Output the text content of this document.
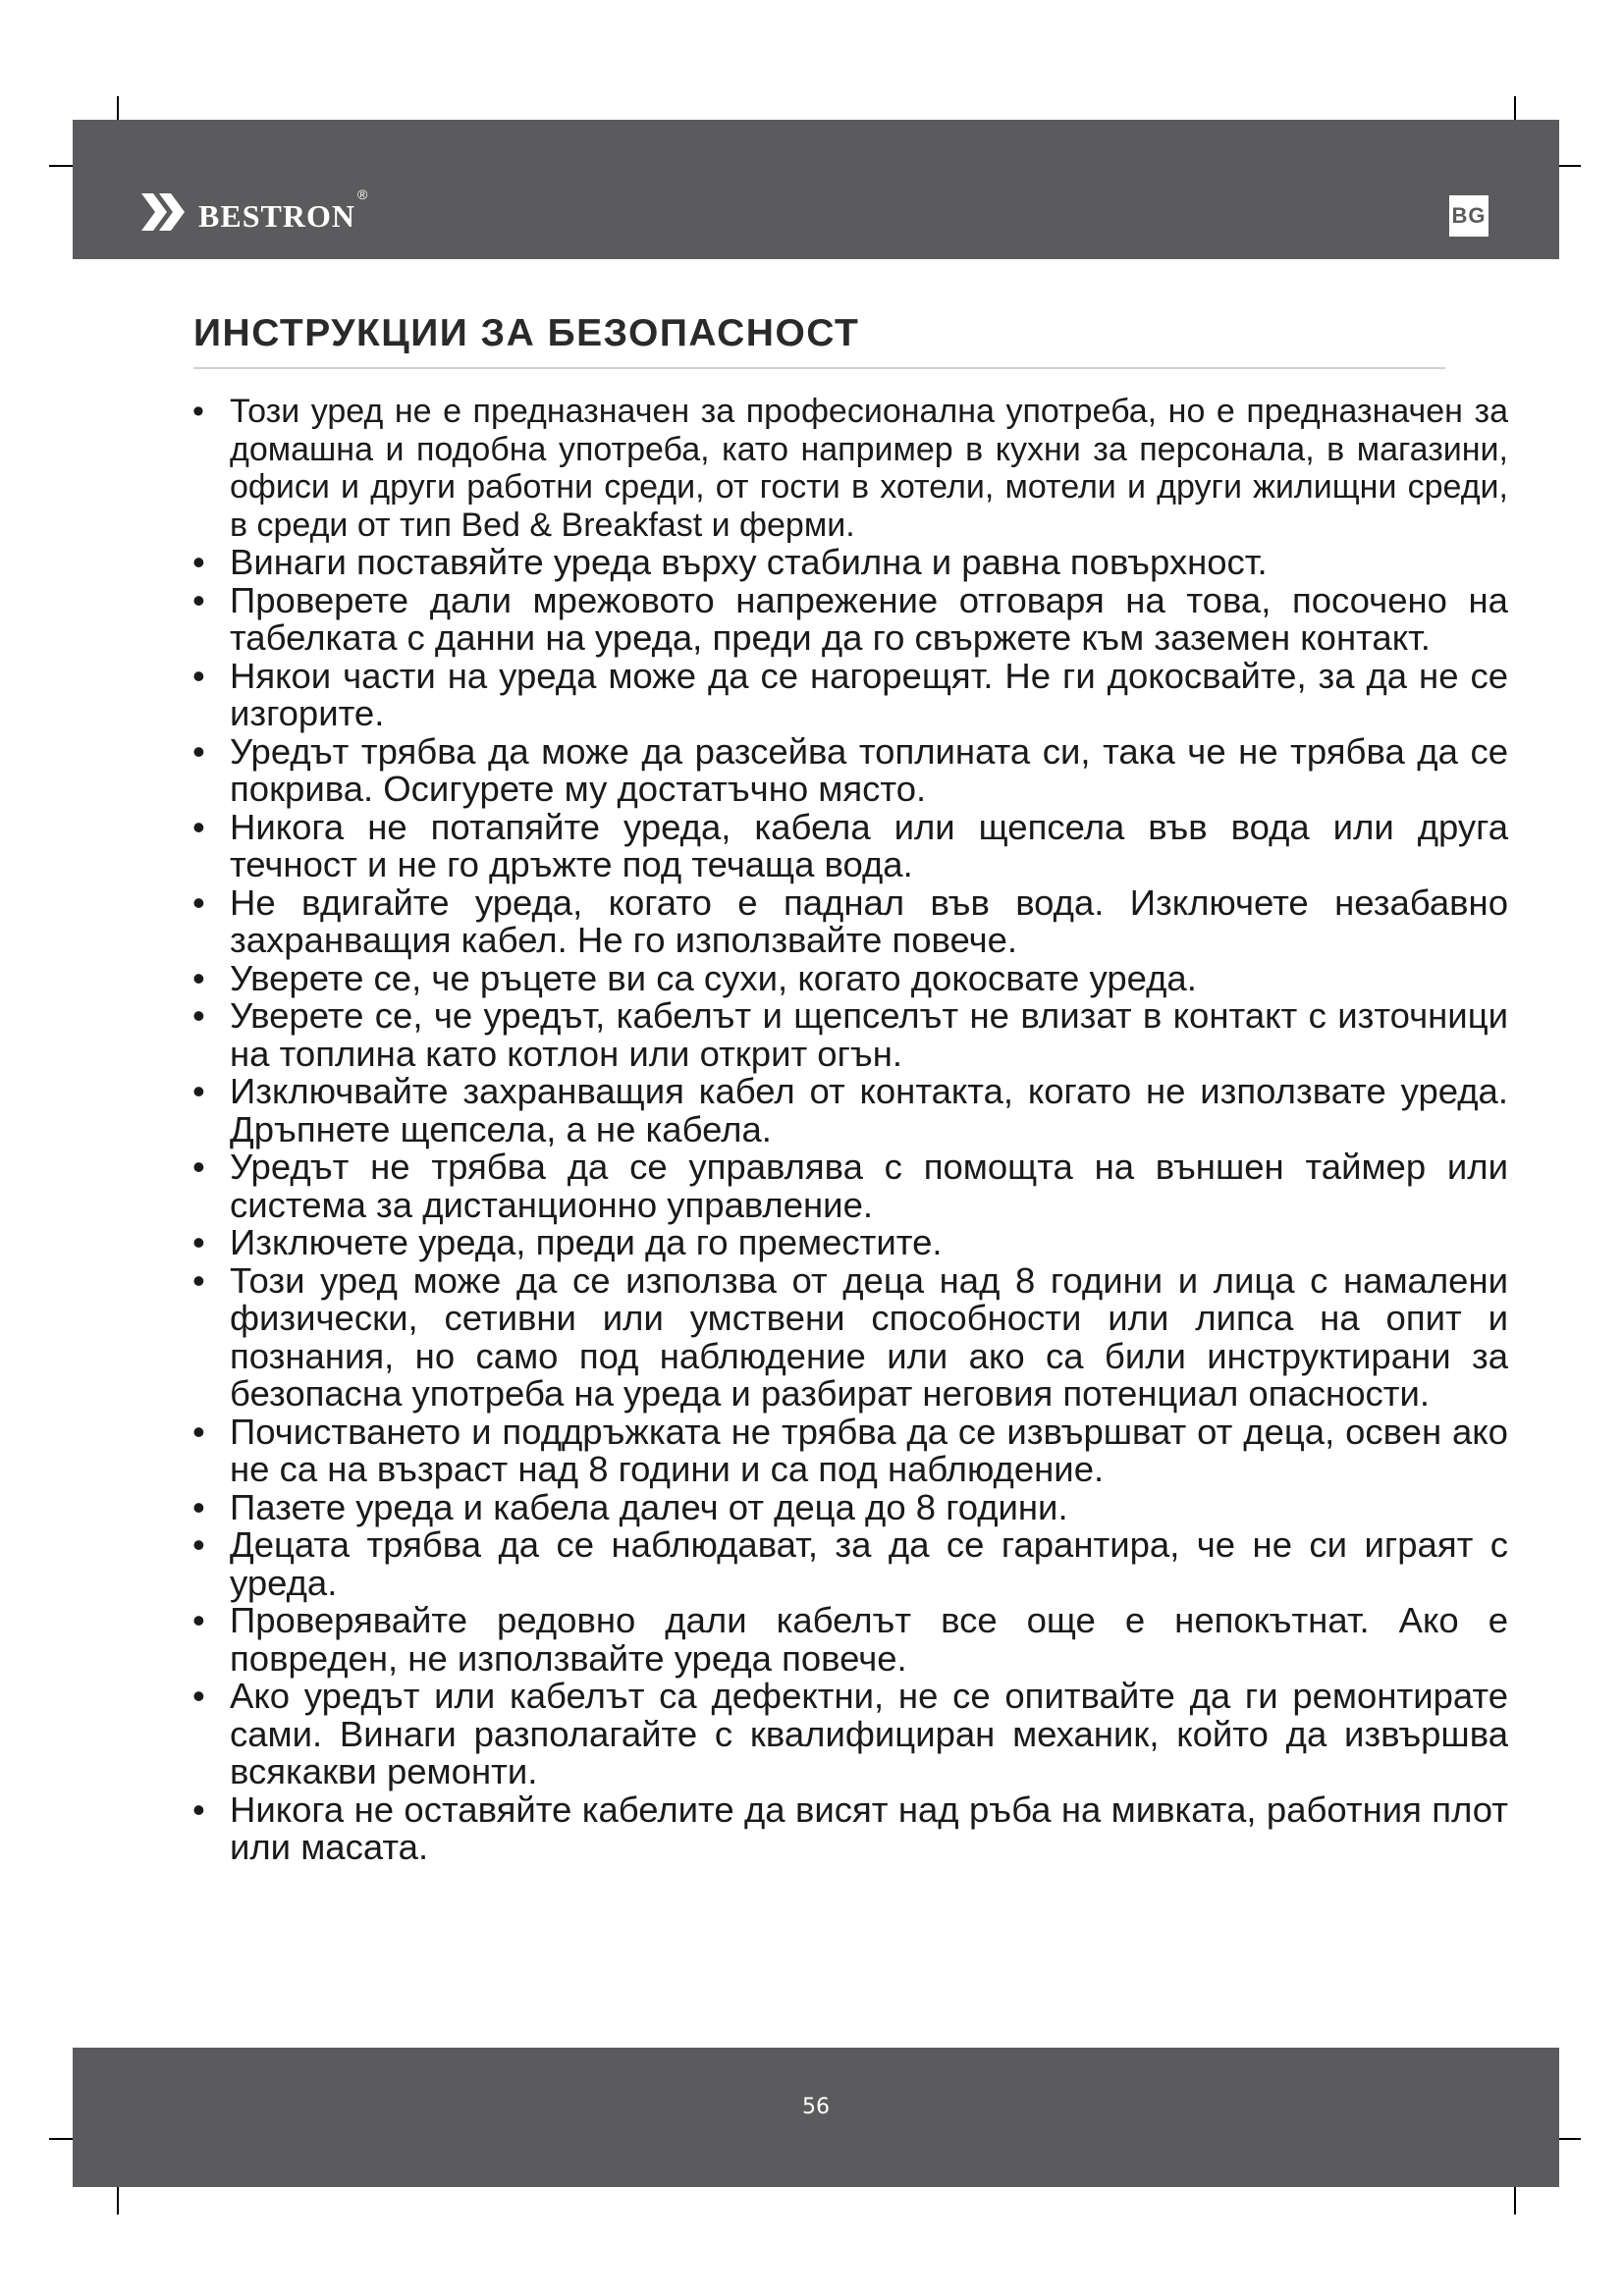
bestron ®
BG
ИНСТРУКЦИИ ЗА БЕЗОПАСНОСТ
• Този уред не е предназначен за професионална употреба, но е предназначен за домашна и подобна употреба, като например в кухни за персонала, в магазини, офиси и други работни среди, от гости в хотели, мотели и други жилищни среди, в среди от тип Bed & Breakfast и ферми.
• Винаги поставяйте уреда върху стабилна и равна повърхност.
• Проверете дали мрежовото напрежение отговаря на това, посочено на табелката с данни на уреда, преди да го свържете към заземен контакт.
• Някои части на уреда може да се нагорещят. Не ги докосвайте, за да не се изгорите.
• Уредът трябва да може да разсейва топлината си, така че не трябва да се покрива. Осигурете му достатъчно място.
• Никога не потапяйте уреда, кабела или щепсела във вода или друга течност и не го дръжте под течаща вода.
• Не вдигайте уреда, когато е паднал във вода. Изключете незабавно захранващия кабел. Не го използвайте повече.
• Уверете се, че ръцете ви са сухи, когато докосвате уреда.
• Уверете се, че уредът, кабелът и щепселът не влизат в контакт с източници на топлина като котлон или открит огън.
• Изключвайте захранващия кабел от контакта, когато не използвате уреда. Дръпнете щепсела, а не кабела.
• Уредът не трябва да се управлява с помощта на външен таймер или система за дистанционно управление.
• Изключете уреда, преди да го преместите.
• Този уред може да се използва от деца над 8 години и лица с намалени физически, сетивни или умствени способности или липса на опит и познания, но само под наблюдение или ако са били инструктирани за безопасна употреба на уреда и разбират неговия потенциал опасности.
• Почистването и поддръжката не трябва да се извършват от деца, освен ако не са на възраст над 8 години и са под наблюдение.
• Пазете уреда и кабела далеч от деца до 8 години.
• Децата трябва да се наблюдават, за да се гарантира, че не си играят с уреда.
• Проверявайте редовно дали кабелът все още е непокътнат. Ако е повреден, не използвайте уреда повече.
• Ако уредът или кабелът са дефектни, не се опитвайте да ги ремонтирате сами. Винаги разполагайте с квалифициран механик, който да извършва всякакви ремонти.
• Никога не оставяйте кабелите да висят над ръба на мивката, работния плот или масата.
56
